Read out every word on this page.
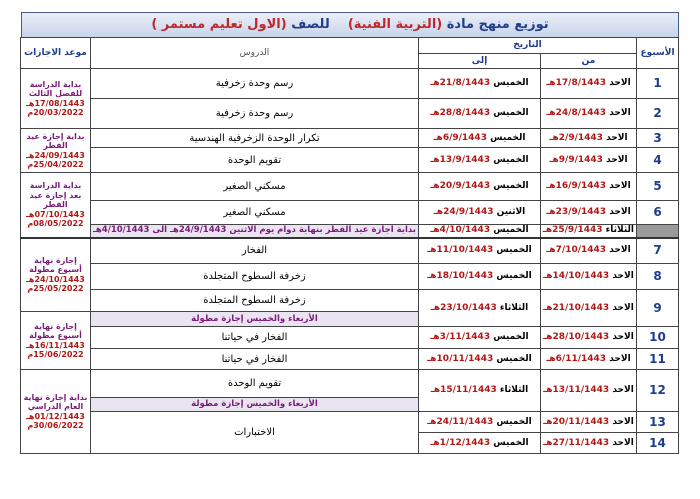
توزيع منهج مادة (التربية الفنية)    للصف (الاول تعليم مستمر )
الأسبوع	التاريخ		الدروس	موعد الاجازات
	من	إلى		
1	الاحد 17/8/1443هـ	الخميس 21/8/1443هـ	رسم وحدة زخرفية	بداية الدراسة للفصل الثالث
17/08/1443هـ
20/03/2022م

2	الاحد 24/8/1443هـ	الخميس 28/8/1443هـ	رسم وحدة زخرفية	
3	الاحد 2/9/1443هـ	الخميس 6/9/1443هـ	تكرار الوحدة الزخرفية الهندسية	بداية إجازة عيد الفطر
24/09/1443هـ
25/04/2022م

4	الاحد 9/9/1443هـ	الخميس 13/9/1443هـ	تقويم الوحدة	
5	الاحد 16/9/1443هـ	الخميس 20/9/1443هـ	مسكني الصغير	بداية الدراسة بعد إجازة عيد الفطر
07/10/1443هـ
08/05/2022م

6	الاحد 23/9/1443هـ	الاثنين 24/9/1443هـ	مسكني الصغير	
	الثلاثاء 25/9/1443هـ	الخميس 4/10/1443هـ	بداية اجازة عيد الفطر بنهاية دوام يوم الاثنين 24/9/1443هـ الى 4/10/1443هـ	
7	الاحد 7/10/1443هـ	الخميس 11/10/1443هـ	الفخار	إجازة نهاية أسبوع مطولة
24/10/1443هـ
25/05/2022م

8	الاحد 14/10/1443هـ	الخميس 18/10/1443هـ	زخرفة السطوح المتجلدة	
9	الاحد 21/10/1443هـ	الثلاثاء 23/10/1443هـ	زخرفة السطوح المتجلدة	
			الأربعاء والخميس إجازة مطولة	إجازة نهاية أسبوع مطولة
16/11/1443هـ
15/06/2022م

10	الاحد 28/10/1443هـ	الخميس 3/11/1443هـ	الفخار في حياتنا	
11	الاحد 6/11/1443هـ	الخميس 10/11/1443هـ	الفخار في حياتنا	
12	الاحد 13/11/1443هـ	الثلاثاء 15/11/1443هـ	تقويم الوحدة	بداية إجازة نهاية العام الدراسي
01/12/1443هـ
30/06/2022م

			الأربعاء والخميس إجازة مطولة	
13	الاحد 20/11/1443هـ	الخميس 24/11/1443هـ	الاختبارات	
14	الاحد 27/11/1443هـ	الخميس 1/12/1443هـ		
